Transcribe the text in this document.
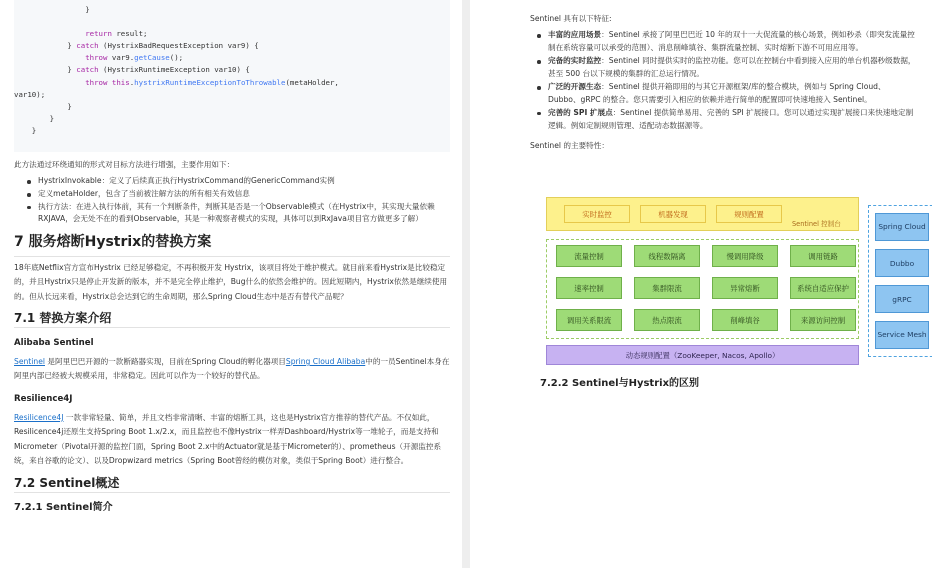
}
return result;
} catch (HystrixBadRequestException var9) {
throw var9.getCause();
} catch (HystrixRuntimeException var10) {
throw this.hystrixRuntimeExceptionToThrowable(metaHolder,
var10);
}
}
}
此方法通过环绕通知的形式对目标方法进行增强，主要作用如下：
HystrixInvokable：定义了后续真正执行HystrixCommand的GenericCommand实例
定义metaHolder，包含了当前被注解方法的所有相关有效信息
执行方法：在进入执行体前，其有一个判断条件，判断其是否是一个Observable模式（在Hystrix中，其实现大量依赖RXJAVA，会无处不在的看到Observable，其是一种观察者模式的实现，具体可以到RxJava项目官方做更多了解）
7 服务熔断Hystrix的替换方案
18年底Netflix官方宣布Hystrix 已经足够稳定，不再积极开发 Hystrix，该项目将处于维护模式。就目前来看Hystrix是比较稳定的，并且Hystrix只是停止开发新的版本，并不是完全停止维护，Bug什么的依然会维护的。因此短期内，Hystrix依然是继续使用的。但从长远来看，Hystrix总会达到它的生命周期，那么Spring Cloud生态中是否有替代产品呢？
7.1 替换方案介绍
Alibaba Sentinel
Sentinel 是阿里巴巴开源的一款断路器实现，目前在Spring Cloud的孵化器项目Spring Cloud Alibaba中的一员Sentinel本身在阿里内部已经被大规模采用，非常稳定。因此可以作为一个较好的替代品。
Resilience4J
Resilicence4J 一款非常轻量、简单，并且文档非常清晰、丰富的熔断工具，这也是Hystrix官方推荐的替代产品。不仅如此，Resilicence4j还原生支持Spring Boot 1.x/2.x，而且监控也不像Hystrix一样弄Dashboard/Hystrix等一堆轮子，而是支持和Micrometer（Pivotal开源的监控门面，Spring Boot 2.x中的Actuator就是基于Micrometer的）、prometheus（开源监控系统，来自谷歌的论文）、以及Dropwizard metrics（Spring Boot曾经的模仿对象，类似于Spring Boot）进行整合。
7.2 Sentinel概述
7.2.1 Sentinel简介
Sentinel 具有以下特征:
丰富的应用场景：Sentinel 承接了阿里巴巴近 10 年的双十一大促流量的核心场景，例如秒杀（即突发流量控制在系统容量可以承受的范围）、消息削峰填谷、集群流量控制、实时熔断下游不可用应用等。
完备的实时监控：Sentinel 同时提供实时的监控功能。您可以在控制台中看到接入应用的单台机器秒级数据，甚至 500 台以下规模的集群的汇总运行情况。
广泛的开源生态：Sentinel 提供开箱即用的与其它开源框架/库的整合模块，例如与 Spring Cloud、Dubbo、gRPC 的整合。您只需要引入相应的依赖并进行简单的配置即可快速地接入 Sentinel。
完善的 SPI 扩展点：Sentinel 提供简单易用、完善的 SPI 扩展接口。您可以通过实现扩展接口来快速地定制逻辑。例如定制规则管理、适配动态数据源等。
Sentinel 的主要特性：
实时监控	机器发现	规则配置
Sentinel 控制台
动态规则配置（ZooKeeper, Nacos, Apollo）
Spring Cloud
Dubbo
gRPC
Service Mesh
流量控制	线程数隔离	慢调用降级	调用链路
速率控制	集群限流	异常熔断	系统自适应保护
调用关系限流	热点限流	削峰填谷	来源访问控制
7.2.2 Sentinel与Hystrix的区别
